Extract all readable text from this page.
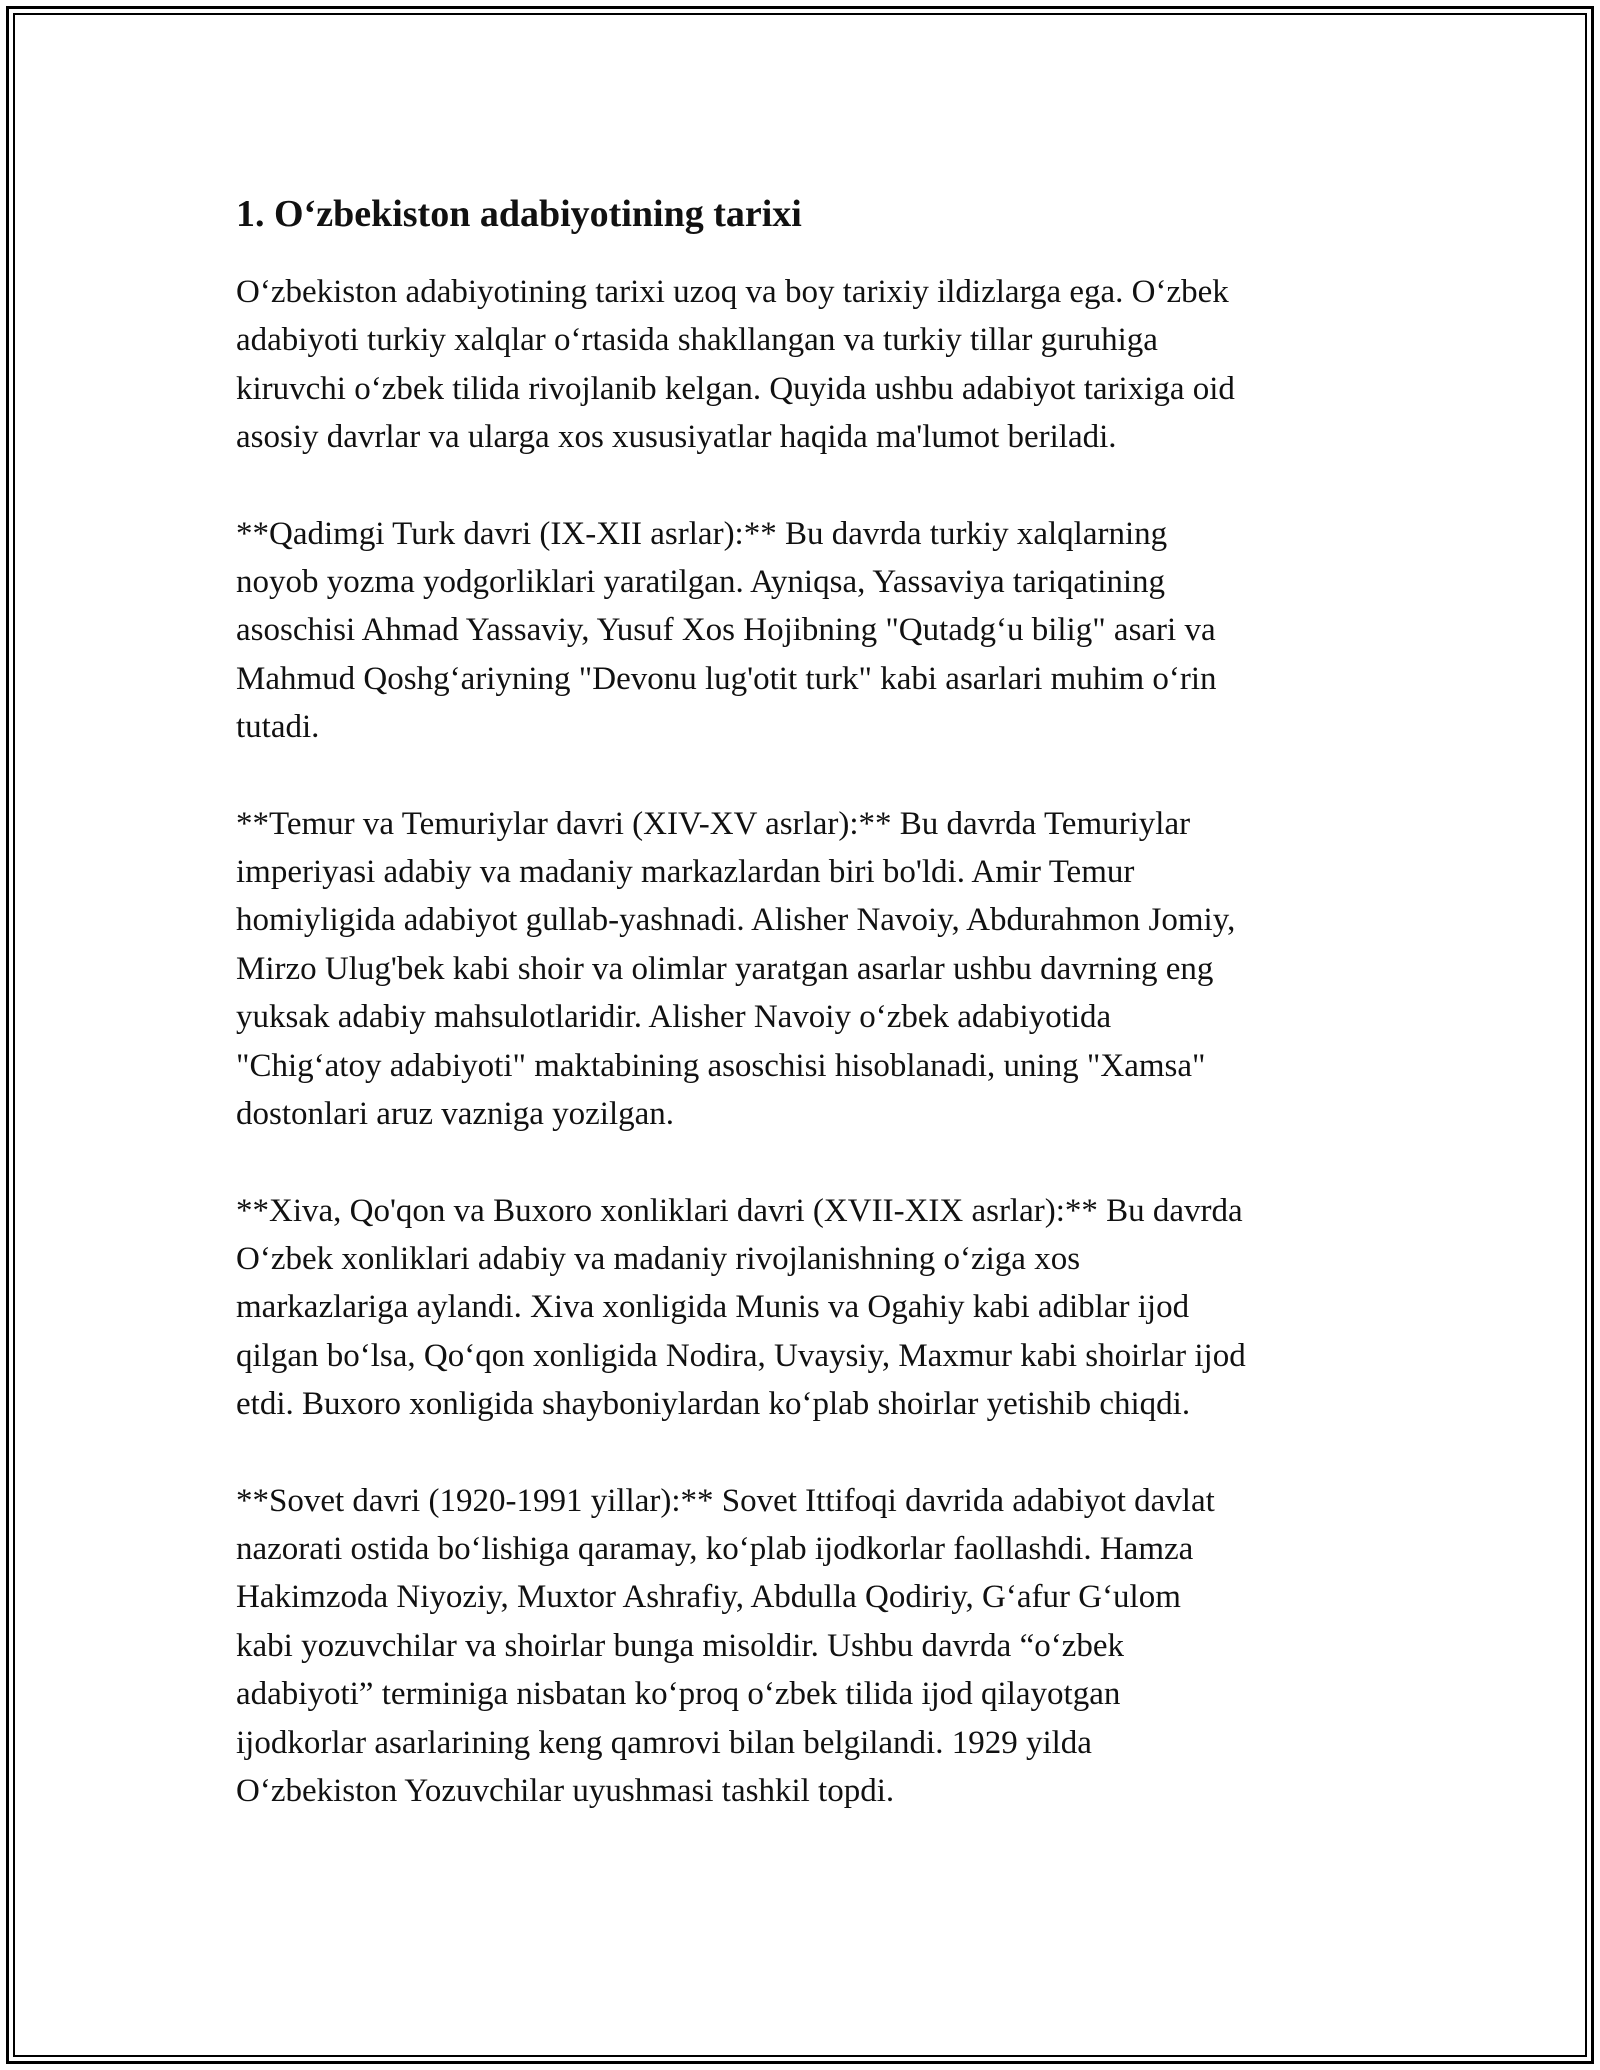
1. O‘zbekiston adabiyotining tarixi

O‘zbekiston adabiyotining tarixi uzoq va boy tarixiy ildizlarga ega. O‘zbek
adabiyoti turkiy xalqlar o‘rtasida shakllangan va turkiy tillar guruhiga
kiruvchi o‘zbek tilida rivojlanib kelgan. Quyida ushbu adabiyot tarixiga oid
asosiy davrlar va ularga xos xususiyatlar haqida ma'lumot beriladi.

**Qadimgi Turk davri (IX-XII asrlar):** Bu davrda turkiy xalqlarning
noyob yozma yodgorliklari yaratilgan. Ayniqsa, Yassaviya tariqatining
asoschisi Ahmad Yassaviy, Yusuf Xos Hojibning "Qutadg‘u bilig" asari va
Mahmud Qoshg‘ariyning "Devonu lug'otit turk" kabi asarlari muhim o‘rin
tutadi.

**Temur va Temuriylar davri (XIV-XV asrlar):** Bu davrda Temuriylar
imperiyasi adabiy va madaniy markazlardan biri bo'ldi. Amir Temur
homiyligida adabiyot gullab-yashnadi. Alisher Navoiy, Abdurahmon Jomiy,
Mirzo Ulug'bek kabi shoir va olimlar yaratgan asarlar ushbu davrning eng
yuksak adabiy mahsulotlaridir. Alisher Navoiy o‘zbek adabiyotida
"Chig‘atoy adabiyoti" maktabining asoschisi hisoblanadi, uning "Xamsa"
dostonlari aruz vazniga yozilgan.

**Xiva, Qo'qon va Buxoro xonliklari davri (XVII-XIX asrlar):** Bu davrda
O‘zbek xonliklari adabiy va madaniy rivojlanishning o‘ziga xos
markazlariga aylandi. Xiva xonligida Munis va Ogahiy kabi adiblar ijod
qilgan bo‘lsa, Qo‘qon xonligida Nodira, Uvaysiy, Maxmur kabi shoirlar ijod
etdi. Buxoro xonligida shayboniylardan ko‘plab shoirlar yetishib chiqdi.

**Sovet davri (1920-1991 yillar):** Sovet Ittifoqi davrida adabiyot davlat
nazorati ostida bo‘lishiga qaramay, ko‘plab ijodkorlar faollashdi. Hamza
Hakimzoda Niyoziy, Muxtor Ashrafiy, Abdulla Qodiriy, G‘afur G‘ulom
kabi yozuvchilar va shoirlar bunga misoldir. Ushbu davrda “o‘zbek
adabiyoti” terminiga nisbatan ko‘proq o‘zbek tilida ijod qilayotgan
ijodkorlar asarlarining keng qamrovi bilan belgilandi. 1929 yilda
O‘zbekiston Yozuvchilar uyushmasi tashkil topdi.
